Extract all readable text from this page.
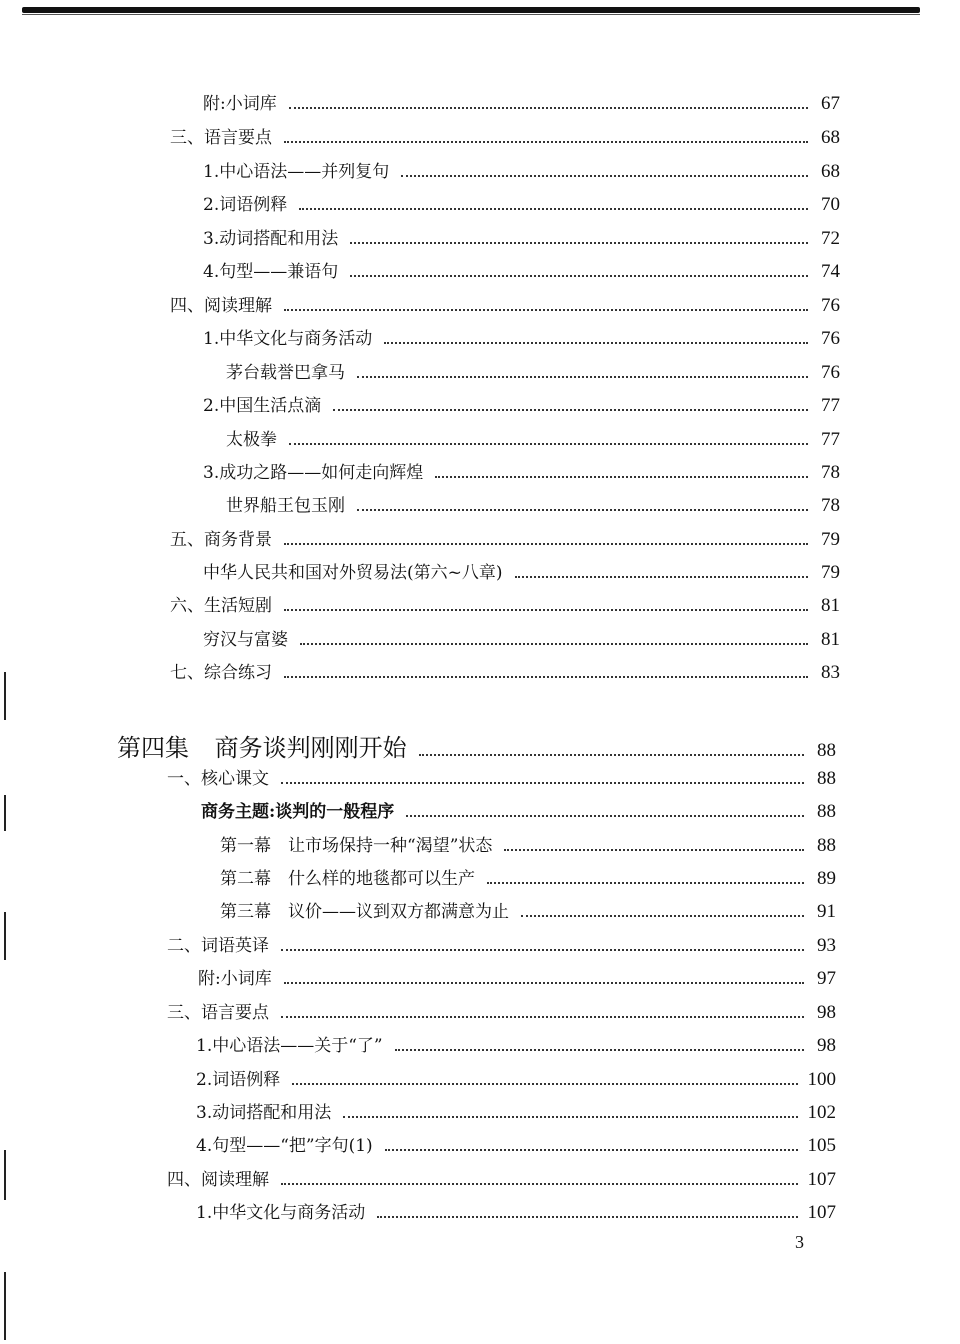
附:小词库	67
三、语言要点	68
1.中心语法——并列复句	68
2.词语例释	70
3.动词搭配和用法	72
4.句型——兼语句	74
四、阅读理解	76
1.中华文化与商务活动	76
茅台载誉巴拿马	76
2.中国生活点滴	77
太极拳	77
3.成功之路——如何走向辉煌	78
世界船王包玉刚	78
五、商务背景	79
中华人民共和国对外贸易法(第六~八章)	79
六、生活短剧	81
穷汉与富婆	81
七、综合练习	83
第四集 商务谈判刚刚开始	88
一、核心课文	88
商务主题:谈判的一般程序	88
第一幕　让市场保持一种“渴望”状态	88
第二幕　什么样的地毯都可以生产	89
第三幕　议价——议到双方都满意为止	91
二、词语英译	93
附:小词库	97
三、语言要点	98
1.中心语法——关于“了”	98
2.词语例释	100
3.动词搭配和用法	102
4.句型——“把”字句(1)	105
四、阅读理解	107
1.中华文化与商务活动	107
3
